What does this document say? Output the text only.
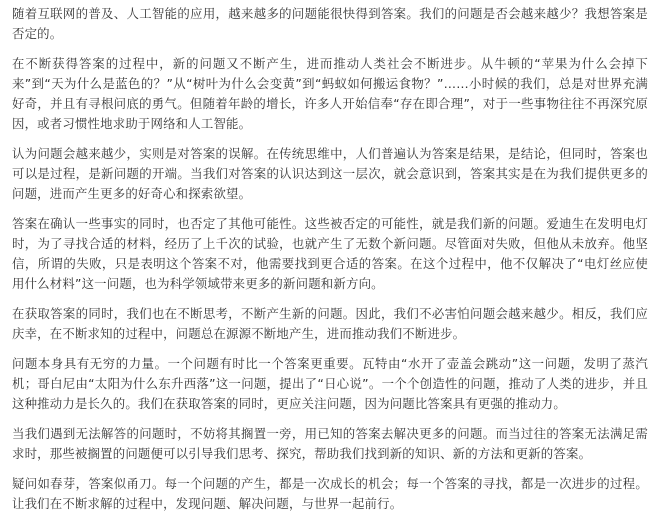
随着互联网的普及、人工智能的应用，越来越多的问题能很快得到答案。我们的问题是否会越来越少？我想答案是否定的。

在不断获得答案的过程中，新的问题又不断产生，进而推动人类社会不断进步。从牛顿的“苹果为什么会掉下来”到“天为什么是蓝色的？”从“树叶为什么会变黄”到“蚂蚁如何搬运食物？”……小时候的我们，总是对世界充满好奇，并且有寻根问底的勇气。但随着年龄的增长，许多人开始信奉“存在即合理”，对于一些事物往往不再深究原因，或者习惯性地求助于网络和人工智能。

认为问题会越来越少，实则是对答案的误解。在传统思维中，人们普遍认为答案是结果，是结论，但同时，答案也可以是过程，是新问题的开端。当我们对答案的认识达到这一层次，就会意识到，答案其实是在为我们提供更多的问题，进而产生更多的好奇心和探索欲望。

答案在确认一些事实的同时，也否定了其他可能性。这些被否定的可能性，就是我们新的问题。爱迪生在发明电灯时，为了寻找合适的材料，经历了上千次的试验，也就产生了无数个新问题。尽管面对失败，但他从未放弃。他坚信，所谓的失败，只是表明这个答案不对，他需要找到更合适的答案。在这个过程中，他不仅解决了“电灯丝应使用什么材料”这一问题，也为科学领域带来更多的新问题和新方向。

在获取答案的同时，我们也在不断思考，不断产生新的问题。因此，我们不必害怕问题会越来越少。相反，我们应庆幸，在不断求知的过程中，问题总在源源不断地产生，进而推动我们不断进步。

问题本身具有无穷的力量。一个问题有时比一个答案更重要。瓦特由“水开了壶盖会跳动”这一问题，发明了蒸汽机；哥白尼由“太阳为什么东升西落”这一问题，提出了“日心说”。一个个创造性的问题，推动了人类的进步，并且这种推动力是长久的。我们在获取答案的同时，更应关注问题，因为问题比答案具有更强的推动力。

当我们遇到无法解答的问题时，不妨将其搁置一旁，用已知的答案去解决更多的问题。而当过往的答案无法满足需求时，那些被搁置的问题便可以引导我们思考、探究，帮助我们找到新的知识、新的方法和更新的答案。

疑问如春芽，答案似甬刀。每一个问题的产生，都是一次成长的机会；每一个答案的寻找，都是一次进步的过程。让我们在不断求解的过程中，发现问题、解决问题，与世界一起前行。
